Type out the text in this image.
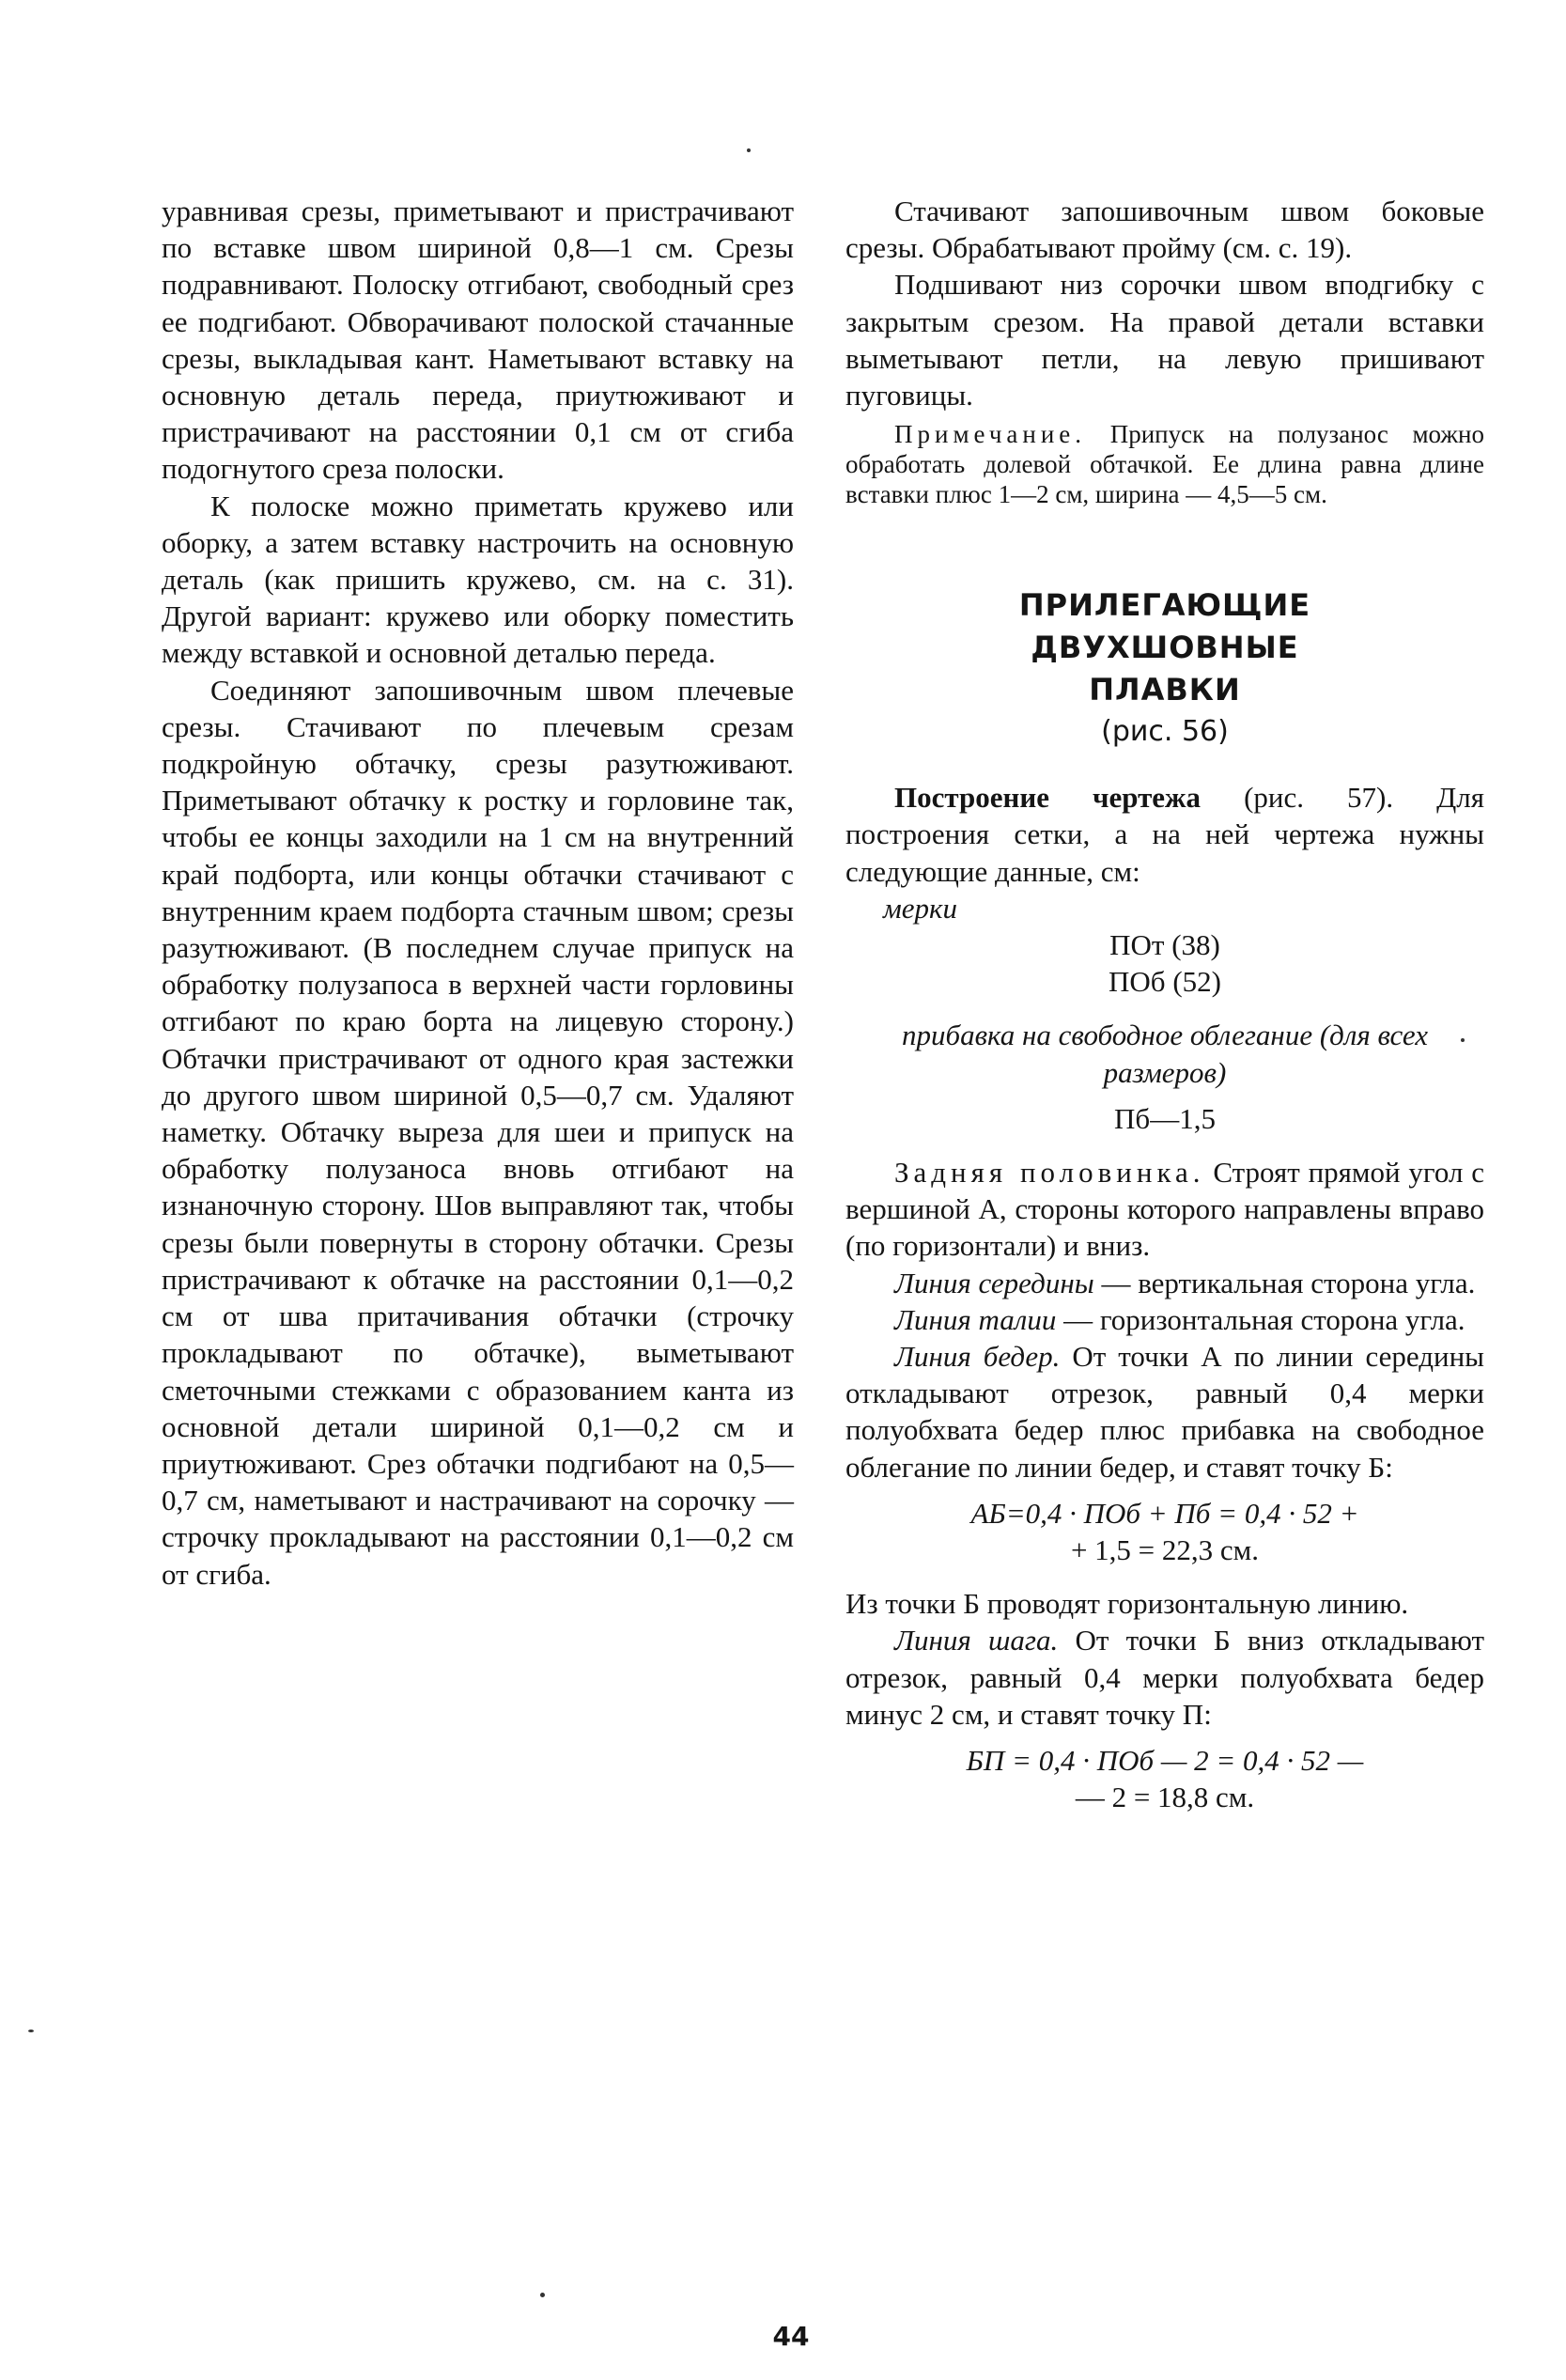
уравнивая срезы, приметывают и пристрачивают по вставке швом шириной 0,8—1 см. Срезы подравнивают. Полоску отгибают, свободный срез ее подгибают. Обворачивают полоской стачанные срезы, выкладывая кант. Наметывают вставку на основную деталь переда, приутюживают и пристрачивают на расстоянии 0,1 см от сгиба подогнутого среза полоски.

К полоске можно приметать кружево или оборку, а затем вставку настрочить на основную деталь (как пришить кружево, см. на с. 31). Другой вариант: кружево или оборку поместить между вставкой и основной деталью переда.

Соединяют запошивочным швом плечевые срезы. Стачивают по плечевым срезам подкройную обтачку, срезы разутюживают. Приметывают обтачку к ростку и горловине так, чтобы ее концы заходили на 1 см на внутренний край подборта, или концы обтачки стачивают с внутренним краем подборта стачным швом; срезы разутюживают. (В последнем случае припуск на обработку полузапоса в верхней части горловины отгибают по краю борта на лицевую сторону.) Обтачки пристрачивают от одного края застежки до другого швом шириной 0,5—0,7 см. Удаляют наметку. Обтачку выреза для шеи и припуск на обработку полузаноса вновь отгибают на изнаночную сторону. Шов выправляют так, чтобы срезы были повернуты в сторону обтачки. Срезы пристрачивают к обтачке на расстоянии 0,1—0,2 см от шва притачивания обтачки (строчку прокладывают по обтачке), выметывают сметочными стежками с образованием канта из основной детали шириной 0,1—0,2 см и приутюживают. Срез обтачки подгибают на 0,5—0,7 см, наметывают и настрачивают на сорочку — строчку прокладывают на расстоянии 0,1—0,2 см от сгиба.

Стачивают запошивочным швом боковые срезы. Обрабатывают пройму (см. с. 19).

Подшивают низ сорочки швом вподгибку с закрытым срезом. На правой детали вставки выметывают петли, на левую пришивают пуговицы.

Примечание. Припуск на полузанос можно обработать долевой обтачкой. Ее длина равна длине вставки плюс 1—2 см, ширина — 4,5—5 см.

ПРИЛЕГАЮЩИЕ
ДВУХШОВНЫЕ
ПЛАВКИ
(рис. 56)

Построение чертежа (рис. 57). Для построения сетки, а на ней чертежа нужны следующие данные, см:

мерки

ПОт (38)

ПОб (52)

прибавка на свободное облегание (для всех размеров)

Пб—1,5

Задняя половинка. Строят прямой угол с вершиной А, стороны которого направлены вправо (по горизонтали) и вниз.

Линия середины — вертикальная сторона угла.

Линия талии — горизонтальная сторона угла.

Линия бедер. От точки А по линии середины откладывают отрезок, равный 0,4 мерки полуобхвата бедер плюс прибавка на свободное облегание по линии бедер, и ставят точку Б:

АБ=0,4 · ПОб + Пб = 0,4 · 52 +

+ 1,5 = 22,3 см.

Из точки Б проводят горизонтальную линию.

Линия шага. От точки Б вниз откладывают отрезок, равный 0,4 мерки полуобхвата бедер минус 2 см, и ставят точку П:

БП = 0,4 · ПОб — 2 = 0,4 · 52 —

— 2 = 18,8 см.

44
